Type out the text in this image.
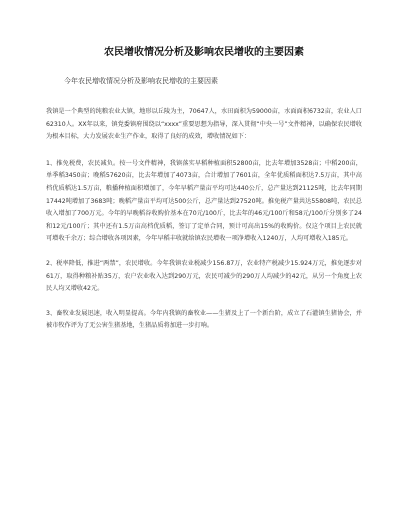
农民增收情况分析及影响农民增收的主要因素

今年农民增收情况分析及影响农民增收的主要因素

我镇是一个典型的纯粮农业大镇，地形以丘陵为主，70647人，水田面积为59000亩，水面面积6732亩，农业人口62310人。XX年以来，镇党委镇府围绕以“xxxx”重要思想为指导，深入贯彻“中央一号”文件精神，以确保农民增收为根本目标，大力发展农业生产作业，取得了良好的成效，增收情况如下：

1、推免税费，农民减负。按一号文件精神，我镇落实早稻种植面积52800亩，比去年增加3528亩；中稻200亩，单季稻3450亩；晚稻57620亩，比去年增加了4073亩，合计增加了7601亩，全年优质稻面积达7.5万亩，其中高档优质稻达1.5万亩，粮播种植面积增加了，今年早稻产量亩平均可达440公斤，总产量达到21125吨，比去年同期17442吨增加了3683吨；晚稻产量亩平均可达500公斤，总产量达到27520吨。推免税产量共达55808吨，农民总收入增加了700万元。今年的早晚稻谷收购价基本在70元/100斤，比去年的46元/100斤和58元/100斤分别多了24和12元/100斤；其中还有1.5万亩高档优质稻，签订了定单合同，预计可高出15%的收购价。仅这个项目上农民就可增收千余万；综合增收各项因素，今年早稻丰收就给镇农民增收一项净增收入1240万，人均可增收入185元。

2、税率降低，推进“两禁”，农民增收。今年我镇农业税减少156.87万，农业特产税减少15.924万元，推免逐步对61万，取得种粮补贴35万，农户农业收入达到290万元，农民可减少的290万人均减少的42元，从另一个角度上农民人均又增收42元。

3、畜牧业发展迅速，收入明显提高。今年内我镇的畜牧业——生猪及上了一个新台阶，成立了石灌镇生猪协会，并被市牧作评为了无公害生猪基地，生猪品质将加进一步打响。
